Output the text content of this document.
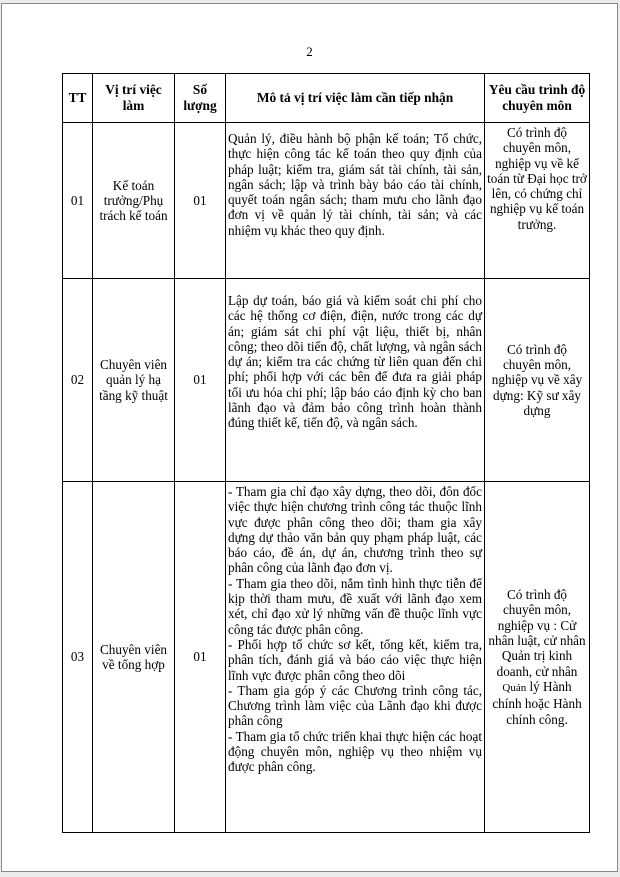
2
TT	Vị trí việc làm	Số lượng	Mô tả vị trí việc làm cần tiếp nhận	Yêu cầu trình độ chuyên môn
01	Kế toán trưởng/Phụ trách kế toán	01	Quản lý, điều hành bộ phận kế toán; Tổ chức, thực hiện công tác kế toán theo quy định của pháp luật; kiểm tra, giám sát tài chính, tài sản, ngân sách; lập và trình bày báo cáo tài chính, quyết toán ngân sách; tham mưu cho lãnh đạo đơn vị về quản lý tài chính, tài sản; và các nhiệm vụ khác theo quy định.	Có trình độ chuyên môn, nghiệp vụ về kế toán từ Đại học trở lên, có chứng chỉ nghiệp vụ kế toán trưởng.
02	Chuyên viên quản lý hạ tầng kỹ thuật	01	Lập dự toán, báo giá và kiểm soát chi phí cho các hệ thống cơ điện, điện, nước trong các dự án; giám sát chi phí vật liệu, thiết bị, nhân công; theo dõi tiến độ, chất lượng, và ngân sách dự án; kiểm tra các chứng từ liên quan đến chi phí; phối hợp với các bên để đưa ra giải pháp tối ưu hóa chi phí; lập báo cáo định kỳ cho ban lãnh đạo và đảm bảo công trình hoàn thành đúng thiết kế, tiến độ, và ngân sách.	Có trình độ chuyên môn, nghiệp vụ về xây dựng: Kỹ sư xây dựng
03	Chuyên viên về tổng hợp	01	- Tham gia chỉ đạo xây dựng, theo dõi, đôn đốc việc thực hiện chương trình công tác thuộc lĩnh vực được phân công theo dõi; tham gia xây dựng dự thảo văn bản quy phạm pháp luật, các báo cáo, đề án, dự án, chương trình theo sự phân công của lãnh đạo đơn vị.

- Tham gia theo dõi, nắm tình hình thực tiễn để kịp thời tham mưu, đề xuất với lãnh đạo xem xét, chỉ đạo xử lý những vấn đề thuộc lĩnh vực công tác được phân công.

- Phối hợp tổ chức sơ kết, tổng kết, kiểm tra, phân tích, đánh giá và báo cáo việc thực hiện lĩnh vực được phân công theo dõi

- Tham gia góp ý các Chương trình công tác, Chương trình làm việc của Lãnh đạo khi được phân công

- Tham gia tổ chức triển khai thực hiện các hoạt động chuyên môn, nghiệp vụ theo nhiệm vụ được phân công.	Có trình độ chuyên môn, nghiệp vụ : Cử nhân luật, cử nhân Quản trị kinh doanh, cử nhân Quản lý Hành chính hoặc Hành chính công.
